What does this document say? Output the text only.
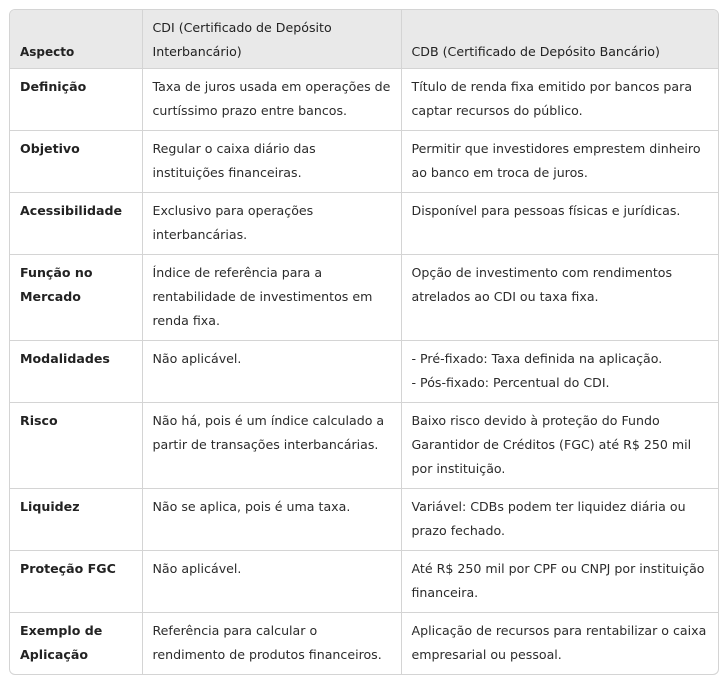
Aspecto	CDI (Certificado de Depósito Interbancário)	CDB (Certificado de Depósito Bancário)
Definição	Taxa de juros usada em operações de curtíssimo prazo entre bancos.	Título de renda fixa emitido por bancos para captar recursos do público.
Objetivo	Regular o caixa diário das instituições financeiras.	Permitir que investidores emprestem dinheiro ao banco em troca de juros.
Acessibilidade	Exclusivo para operações interbancárias.	Disponível para pessoas físicas e jurídicas.
Função no Mercado	Índice de referência para a rentabilidade de investimentos em renda fixa.	Opção de investimento com rendimentos atrelados ao CDI ou taxa fixa.
Modalidades	Não aplicável.	- Pré-fixado: Taxa definida na aplicação.
- Pós-fixado: Percentual do CDI.

Risco	Não há, pois é um índice calculado a partir de transações interbancárias.	Baixo risco devido à proteção do Fundo Garantidor de Créditos (FGC) até R$ 250 mil por instituição.
Liquidez	Não se aplica, pois é uma taxa.	Variável: CDBs podem ter liquidez diária ou prazo fechado.
Proteção FGC	Não aplicável.	Até R$ 250 mil por CPF ou CNPJ por instituição financeira.
Exemplo de Aplicação	Referência para calcular o rendimento de produtos financeiros.	Aplicação de recursos para rentabilizar o caixa empresarial ou pessoal.
